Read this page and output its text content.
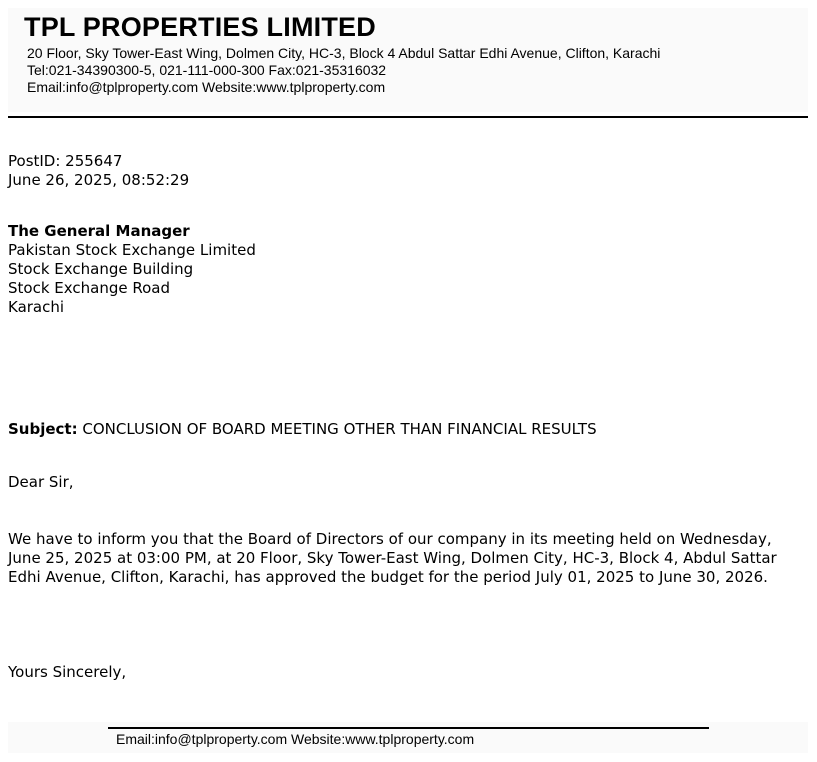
TPL PROPERTIES LIMITED
20 Floor, Sky Tower-East Wing, Dolmen City, HC-3, Block 4 Abdul Sattar Edhi Avenue, Clifton, Karachi
Tel:021-34390300-5, 021-111-000-300 Fax:021-35316032
Email:info@tplproperty.com Website:www.tplproperty.com
PostID: 255647
June 26, 2025, 08:52:29
The General Manager
Pakistan Stock Exchange Limited
Stock Exchange Building
Stock Exchange Road
Karachi
Subject: CONCLUSION OF BOARD MEETING OTHER THAN FINANCIAL RESULTS
Dear Sir,
We have to inform you that the Board of Directors of our company in its meeting held on Wednesday, June 25, 2025 at 03:00 PM, at 20 Floor, Sky Tower-East Wing, Dolmen City, HC-3, Block 4, Abdul Sattar Edhi Avenue, Clifton, Karachi, has approved the budget for the period July 01, 2025 to June 30, 2026.
Yours Sincerely,
Email:info@tplproperty.com Website:www.tplproperty.com
